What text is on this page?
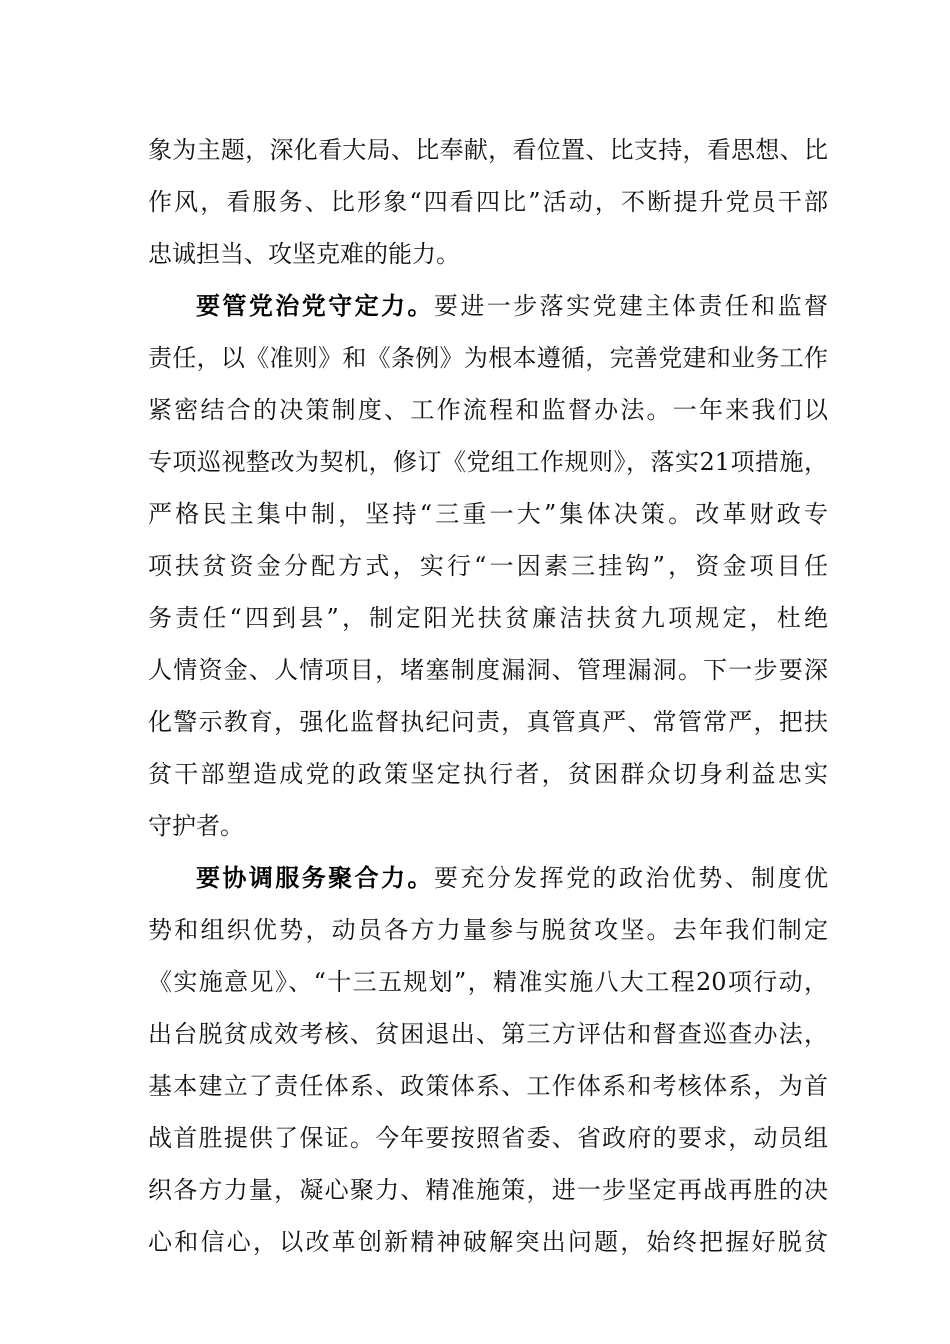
象为主题，深化看大局、比奉献，看位置、比支持，看思想、比
作风，看服务、比形象“四看四比”活动，不断提升党员干部
忠诚担当、攻坚克难的能力。
要管党治党守定力。要进一步落实党建主体责任和监督
责任，以《准则》和《条例》为根本遵循，完善党建和业务工作
紧密结合的决策制度、工作流程和监督办法。一年来我们以
专项巡视整改为契机，修订《党组工作规则》，落实21项措施，
严格民主集中制，坚持“三重一大”集体决策。改革财政专
项扶贫资金分配方式，实行“一因素三挂钩”，资金项目任
务责任“四到县”，制定阳光扶贫廉洁扶贫九项规定，杜绝
人情资金、人情项目，堵塞制度漏洞、管理漏洞。下一步要深
化警示教育，强化监督执纪问责，真管真严、常管常严，把扶
贫干部塑造成党的政策坚定执行者，贫困群众切身利益忠实
守护者。
要协调服务聚合力。要充分发挥党的政治优势、制度优
势和组织优势，动员各方力量参与脱贫攻坚。去年我们制定
《实施意见》、“十三五规划”，精准实施八大工程20项行动，
出台脱贫成效考核、贫困退出、第三方评估和督查巡查办法，
基本建立了责任体系、政策体系、工作体系和考核体系，为首
战首胜提供了保证。今年要按照省委、省政府的要求，动员组
织各方力量，凝心聚力、精准施策，进一步坚定再战再胜的决
心和信心，以改革创新精神破解突出问题，始终把握好脱贫
